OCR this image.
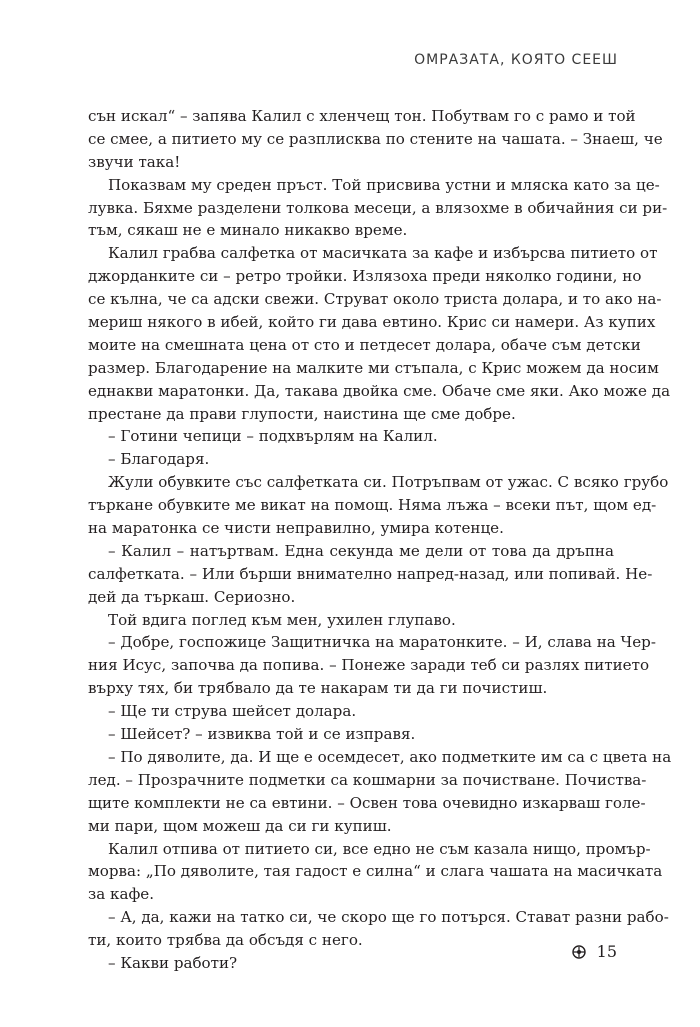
ОМРАЗАТА, КОЯТО СЕЕШ
сън искал“ – запява Калил с хленчещ тон. Побутвам го с рамо и той
се смее, а питието му се разплисква по стените на чашата. – Знаеш, че
звучи така!
Показвам му среден пръст. Той присвива устни и мляска като за це-
лувка. Бяхме разделени толкова месеци, а влязохме в обичайния си ри-
тъм, сякаш не е минало никакво време.
Калил грабва салфетка от масичката за кафе и избърсва питието от
джорданките си – ретро тройки. Излязоха преди няколко години, но
се кълна, че са адски свежи. Струват около триста долара, и то ако на-
мериш някого в ибей, който ги дава евтино. Крис си намери. Аз купих
моите на смешната цена от сто и петдесет долара, обаче съм детски
размер. Благодарение на малките ми стъпала, с Крис можем да носим
еднакви маратонки. Да, такава двойка сме. Обаче сме яки. Ако може да
престане да прави глупости, наистина ще сме добре.
– Готини чепици – подхвърлям на Калил.
– Благодаря.
Жули обувките със салфетката си. Потръпвам от ужас. С всяко грубо
търкане обувките ме викат на помощ. Няма лъжа – всеки път, щом ед-
на маратонка се чисти неправилно, умира котенце.
– Калил – натъртвам. Една секунда ме дели от това да дръпна
салфетката. – Или бърши внимателно напред-назад, или попивай. Не-
дей да търкаш. Сериозно.
Той вдига поглед към мен, ухилен глупаво.
– Добре, госпожице Защитничка на маратонките. – И, слава на Чер-
ния Исус, започва да попива. – Понеже заради теб си разлях питието
върху тях, би трябвало да те накарам ти да ги почистиш.
– Ще ти струва шейсет долара.
– Шейсет? – извиква той и се изправя.
– По дяволите, да. И ще е осемдесет, ако подметките им са с цвета на
лед. – Прозрачните подметки са кошмарни за почистване. Почиства-
щите комплекти не са евтини. – Освен това очевидно изкарваш голе-
ми пари, щом можеш да си ги купиш.
Калил отпива от питието си, все едно не съм казала нищо, промър-
морва: „По дяволите, тая гадост е силна“ и слага чашата на масичката
за кафе.
– А, да, кажи на татко си, че скоро ще го потърся. Стават разни рабо-
ти, които трябва да обсъдя с него.
– Какви работи?
15
